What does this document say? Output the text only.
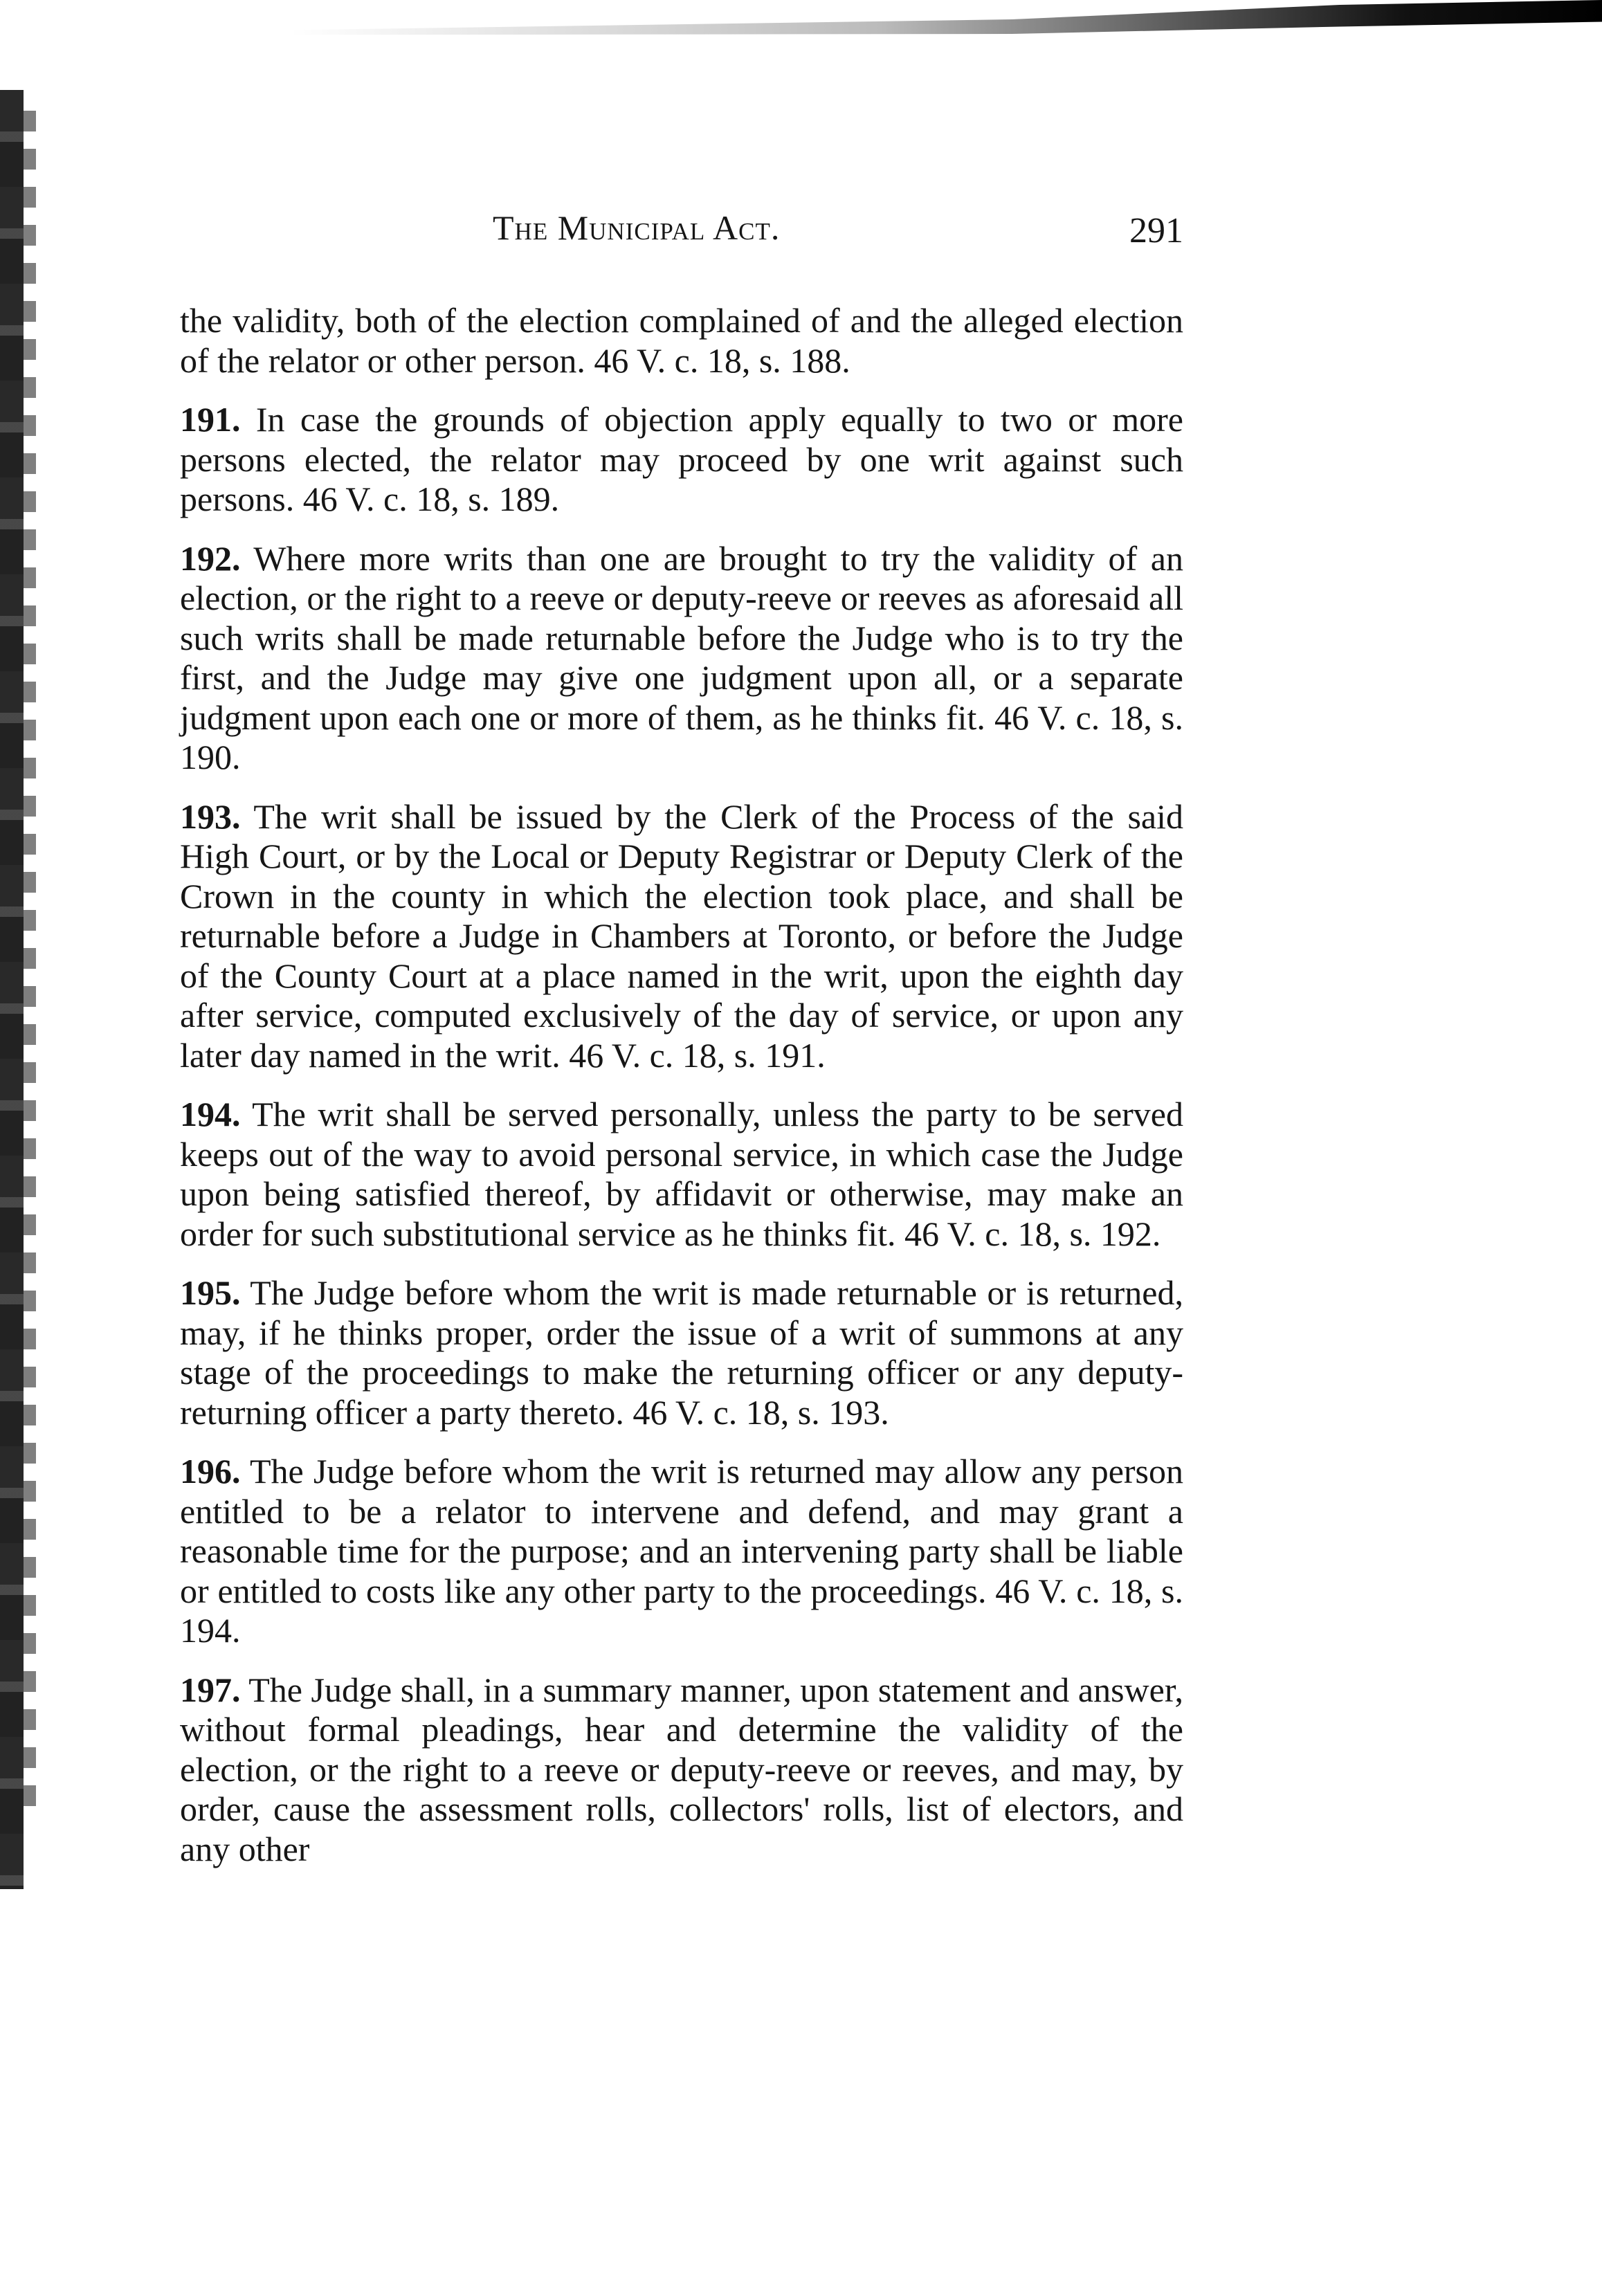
The Municipal Act.	291

the validity, both of the election complained of and the alleged election of the relator or other person. 46 V. c. 18, s. 188.

191. In case the grounds of objection apply equally to two or more persons elected, the relator may proceed by one writ against such persons. 46 V. c. 18, s. 189.

192. Where more writs than one are brought to try the validity of an election, or the right to a reeve or deputy-reeve or reeves as aforesaid all such writs shall be made returnable before the Judge who is to try the first, and the Judge may give one judgment upon all, or a separate judgment upon each one or more of them, as he thinks fit. 46 V. c. 18, s. 190.

193. The writ shall be issued by the Clerk of the Process of the said High Court, or by the Local or Deputy Registrar or Deputy Clerk of the Crown in the county in which the election took place, and shall be returnable before a Judge in Chambers at Toronto, or before the Judge of the County Court at a place named in the writ, upon the eighth day after service, computed exclusively of the day of service, or upon any later day named in the writ. 46 V. c. 18, s. 191.

194. The writ shall be served personally, unless the party to be served keeps out of the way to avoid personal service, in which case the Judge upon being satisfied thereof, by affidavit or otherwise, may make an order for such substitutional service as he thinks fit. 46 V. c. 18, s. 192.

195. The Judge before whom the writ is made returnable or is returned, may, if he thinks proper, order the issue of a writ of summons at any stage of the proceedings to make the returning officer or any deputy-returning officer a party thereto. 46 V. c. 18, s. 193.

196. The Judge before whom the writ is returned may allow any person entitled to be a relator to intervene and defend, and may grant a reasonable time for the purpose; and an intervening party shall be liable or entitled to costs like any other party to the proceedings. 46 V. c. 18, s. 194.

197. The Judge shall, in a summary manner, upon statement and answer, without formal pleadings, hear and determine the validity of the election, or the right to a reeve or deputy-reeve or reeves, and may, by order, cause the assessment rolls, collectors' rolls, list of electors, and any other
